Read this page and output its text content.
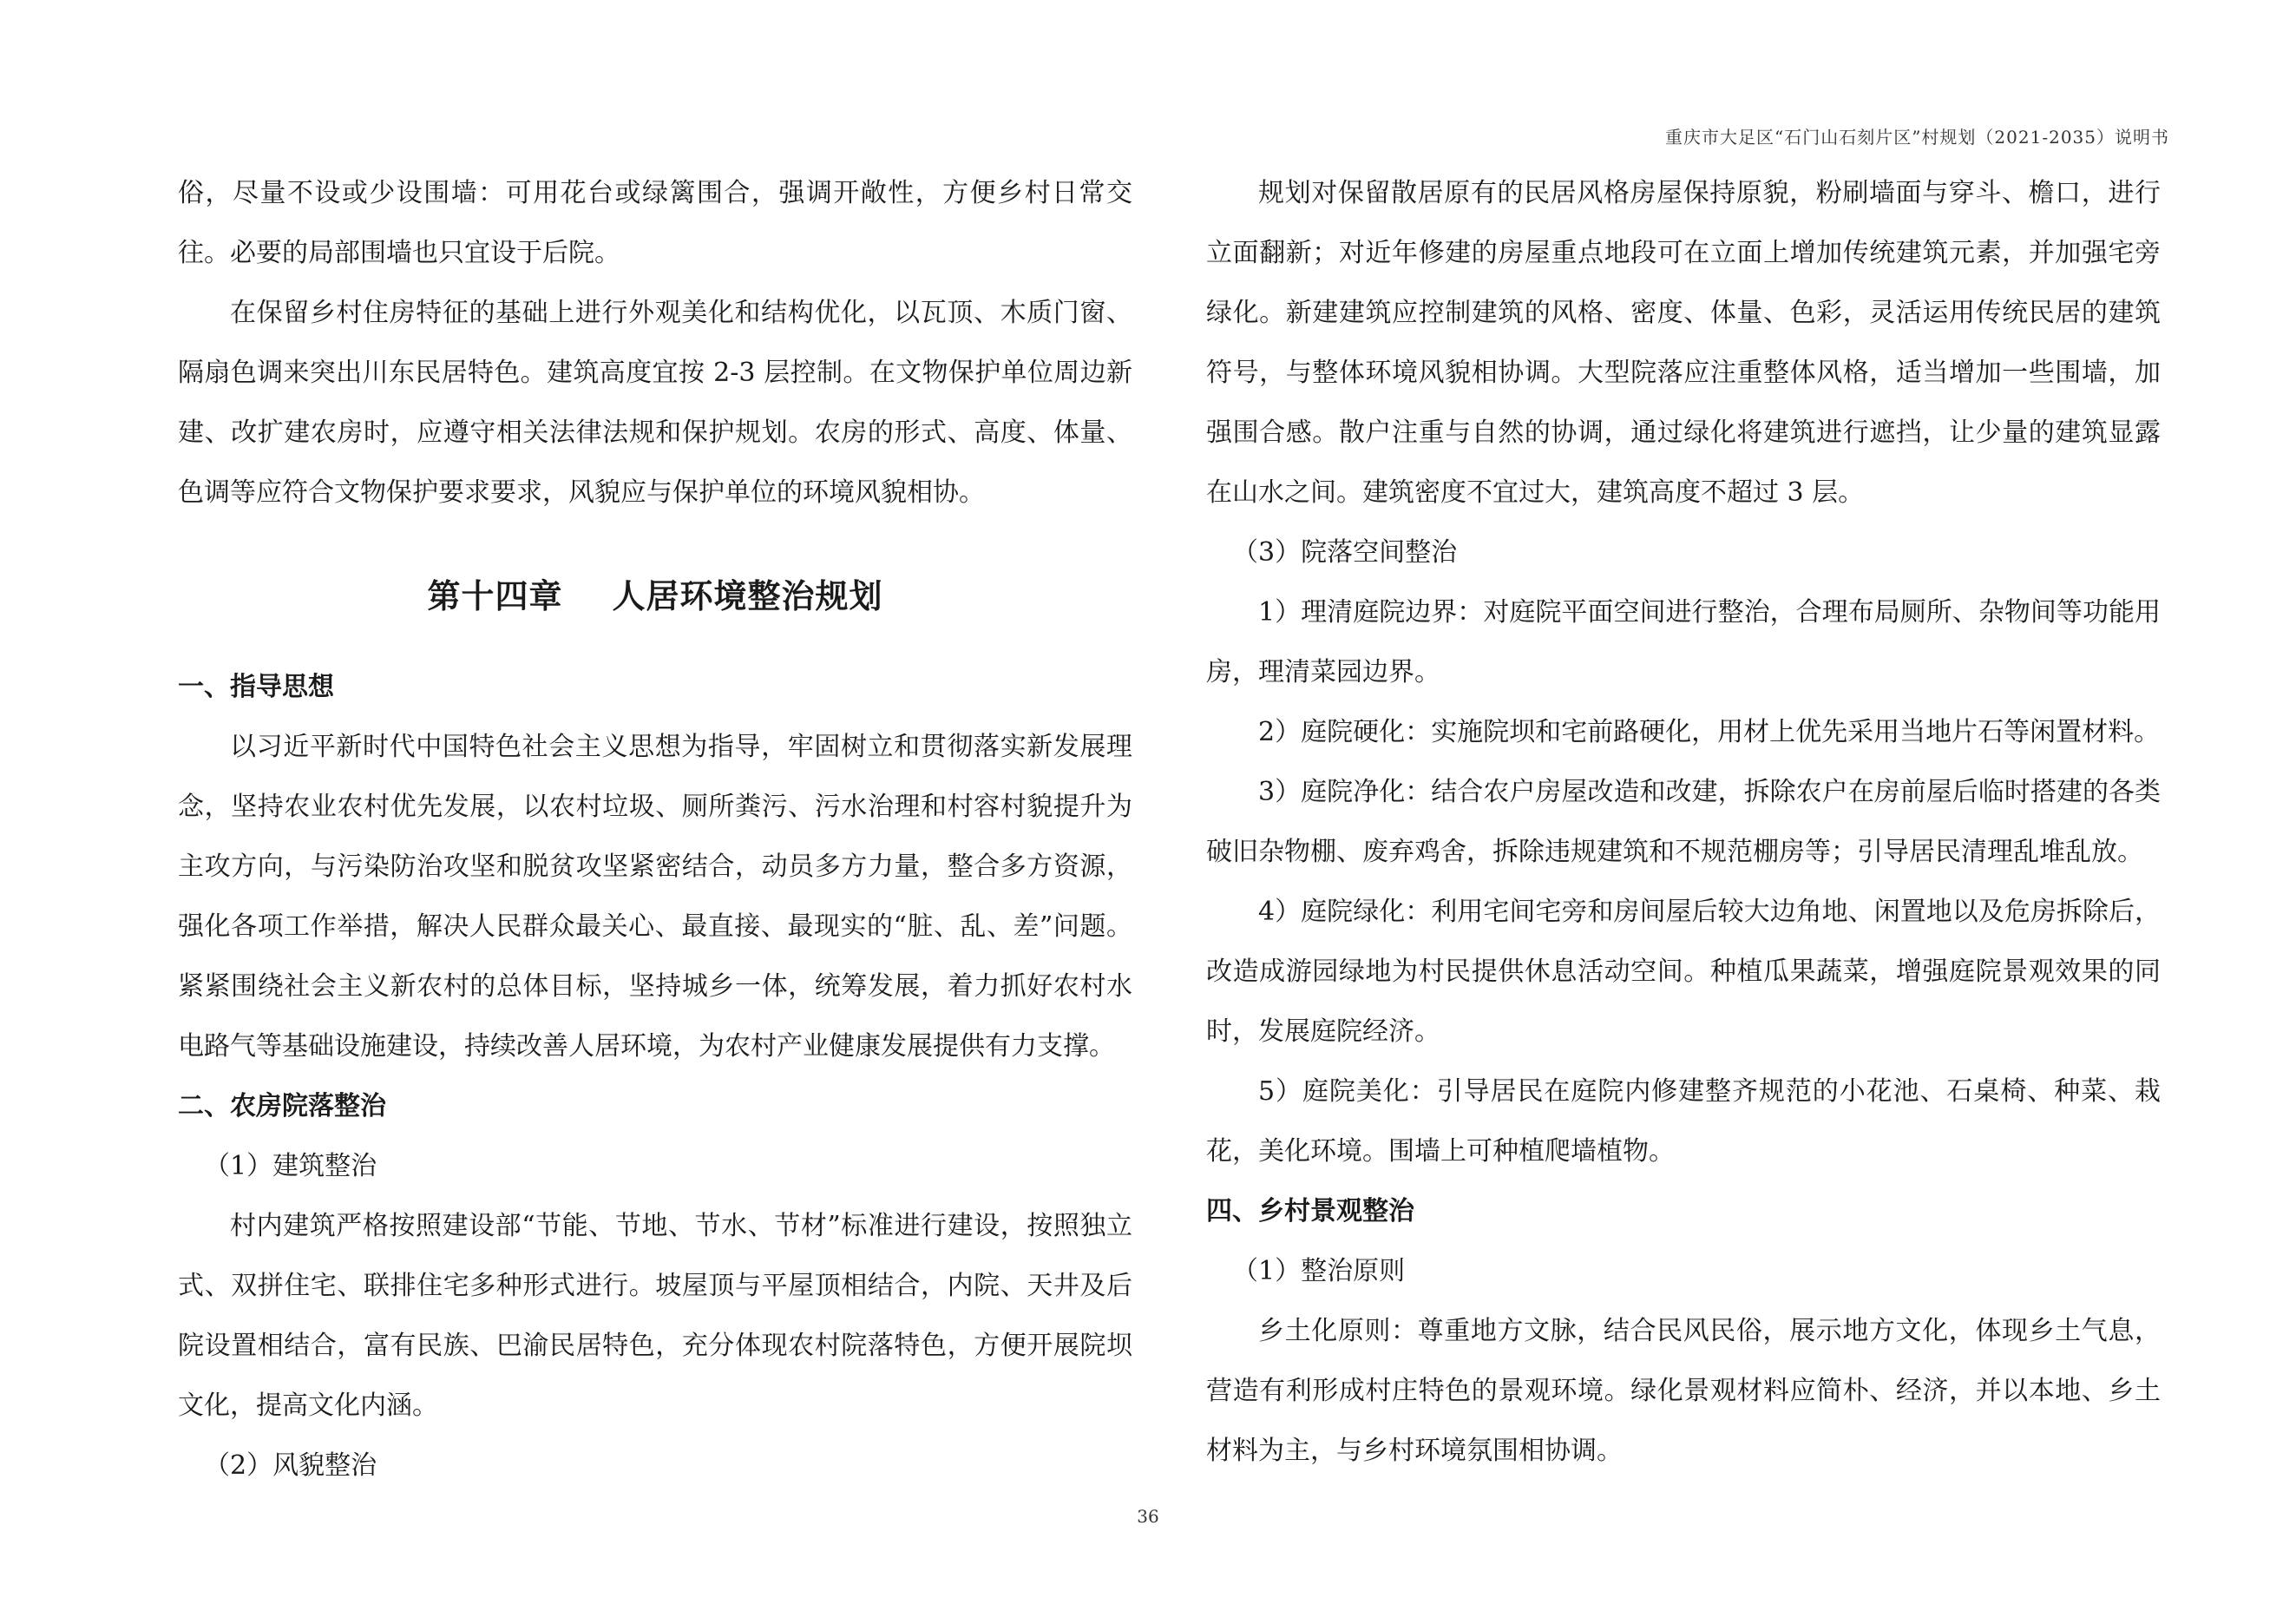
重庆市大足区“石门山石刻片区”村规划（2021-2035）说明书

俗，尽量不设或少设围墙：可用花台或绿篱围合，强调开敞性，方便乡村日常交往。必要的局部围墙也只宜设于后院。

在保留乡村住房特征的基础上进行外观美化和结构优化，以瓦顶、木质门窗、隔扇色调来突出川东民居特色。建筑高度宜按 2-3 层控制。在文物保护单位周边新建、改扩建农房时，应遵守相关法律法规和保护规划。农房的形式、高度、体量、色调等应符合文物保护要求要求，风貌应与保护单位的环境风貌相协。

第十四章    人居环境整治规划

一、指导思想

以习近平新时代中国特色社会主义思想为指导，牢固树立和贯彻落实新发展理念，坚持农业农村优先发展，以农村垃圾、厕所粪污、污水治理和村容村貌提升为主攻方向，与污染防治攻坚和脱贫攻坚紧密结合，动员多方力量，整合多方资源，强化各项工作举措，解决人民群众最关心、最直接、最现实的“脏、乱、差”问题。紧紧围绕社会主义新农村的总体目标，坚持城乡一体，统筹发展，着力抓好农村水电路气等基础设施建设，持续改善人居环境，为农村产业健康发展提供有力支撑。

二、农房院落整治

（1）建筑整治

村内建筑严格按照建设部“节能、节地、节水、节材”标准进行建设，按照独立式、双拼住宅、联排住宅多种形式进行。坡屋顶与平屋顶相结合，内院、天井及后院设置相结合，富有民族、巴渝民居特色，充分体现农村院落特色，方便开展院坝文化，提高文化内涵。

（2）风貌整治

规划对保留散居原有的民居风格房屋保持原貌，粉刷墙面与穿斗、檐口，进行立面翻新；对近年修建的房屋重点地段可在立面上增加传统建筑元素，并加强宅旁绿化。新建建筑应控制建筑的风格、密度、体量、色彩，灵活运用传统民居的建筑符号，与整体环境风貌相协调。大型院落应注重整体风格，适当增加一些围墙，加强围合感。散户注重与自然的协调，通过绿化将建筑进行遮挡，让少量的建筑显露在山水之间。建筑密度不宜过大，建筑高度不超过 3 层。

（3）院落空间整治

1）理清庭院边界：对庭院平面空间进行整治，合理布局厕所、杂物间等功能用房，理清菜园边界。

2）庭院硬化：实施院坝和宅前路硬化，用材上优先采用当地片石等闲置材料。

3）庭院净化：结合农户房屋改造和改建，拆除农户在房前屋后临时搭建的各类破旧杂物棚、废弃鸡舍，拆除违规建筑和不规范棚房等；引导居民清理乱堆乱放。

4）庭院绿化：利用宅间宅旁和房间屋后较大边角地、闲置地以及危房拆除后，改造成游园绿地为村民提供休息活动空间。种植瓜果蔬菜，增强庭院景观效果的同时，发展庭院经济。

5）庭院美化：引导居民在庭院内修建整齐规范的小花池、石桌椅、种菜、栽花，美化环境。围墙上可种植爬墙植物。

四、乡村景观整治

（1）整治原则

乡土化原则：尊重地方文脉，结合民风民俗，展示地方文化，体现乡土气息，营造有利形成村庄特色的景观环境。绿化景观材料应简朴、经济，并以本地、乡土材料为主，与乡村环境氛围相协调。

36
